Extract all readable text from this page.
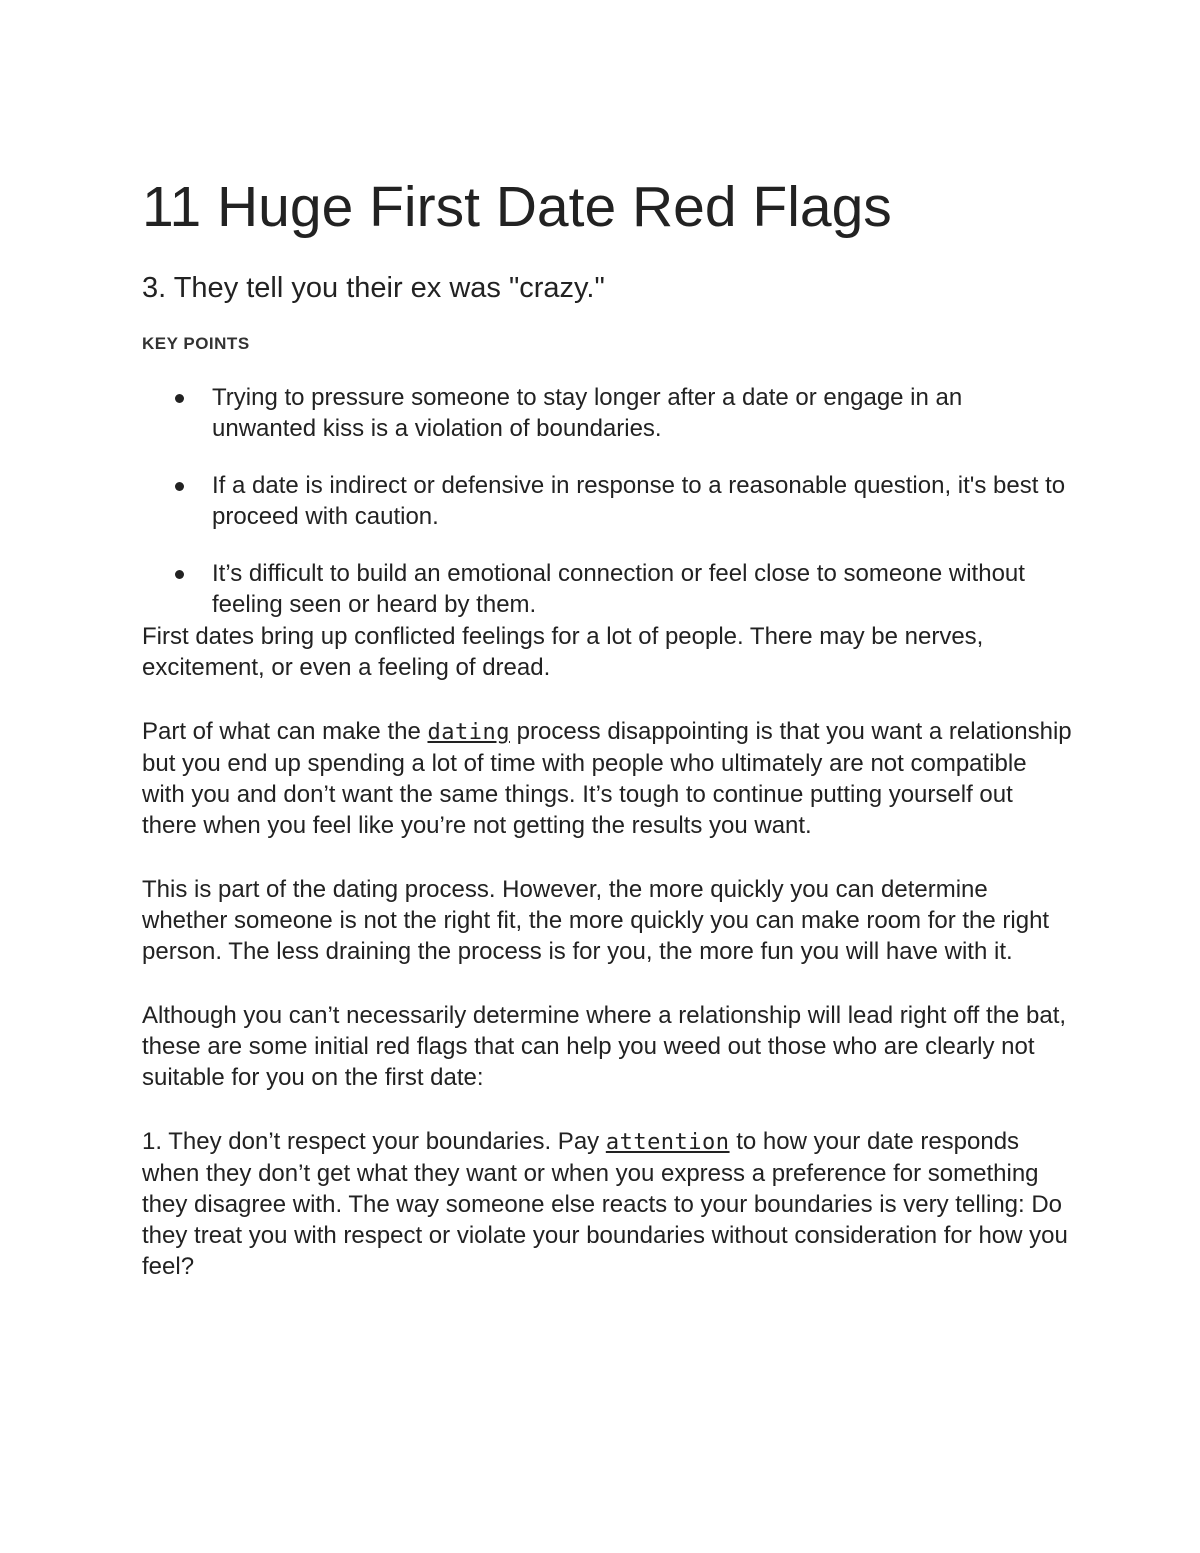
11 Huge First Date Red Flags
3. They tell you their ex was "crazy."

KEY POINTS

Trying to pressure someone to stay longer after a date or engage in an unwanted kiss is a violation of boundaries.
If a date is indirect or defensive in response to a reasonable question, it's best to proceed with caution.
It’s difficult to build an emotional connection or feel close to someone without feeling seen or heard by them.

First dates bring up conflicted feelings for a lot of people. There may be nerves, excitement, or even a feeling of dread.

Part of what can make the dating process disappointing is that you want a relationship but you end up spending a lot of time with people who ultimately are not compatible with you and don’t want the same things. It’s tough to continue putting yourself out there when you feel like you’re not getting the results you want.

This is part of the dating process. However, the more quickly you can determine whether someone is not the right fit, the more quickly you can make room for the right person. The less draining the process is for you, the more fun you will have with it.

Although you can’t necessarily determine where a relationship will lead right off the bat, these are some initial red flags that can help you weed out those who are clearly not suitable for you on the first date:

1. They don’t respect your boundaries. Pay attention to how your date responds when they don’t get what they want or when you express a preference for something they disagree with. The way someone else reacts to your boundaries is very telling: Do they treat you with respect or violate your boundaries without consideration for how you feel?
